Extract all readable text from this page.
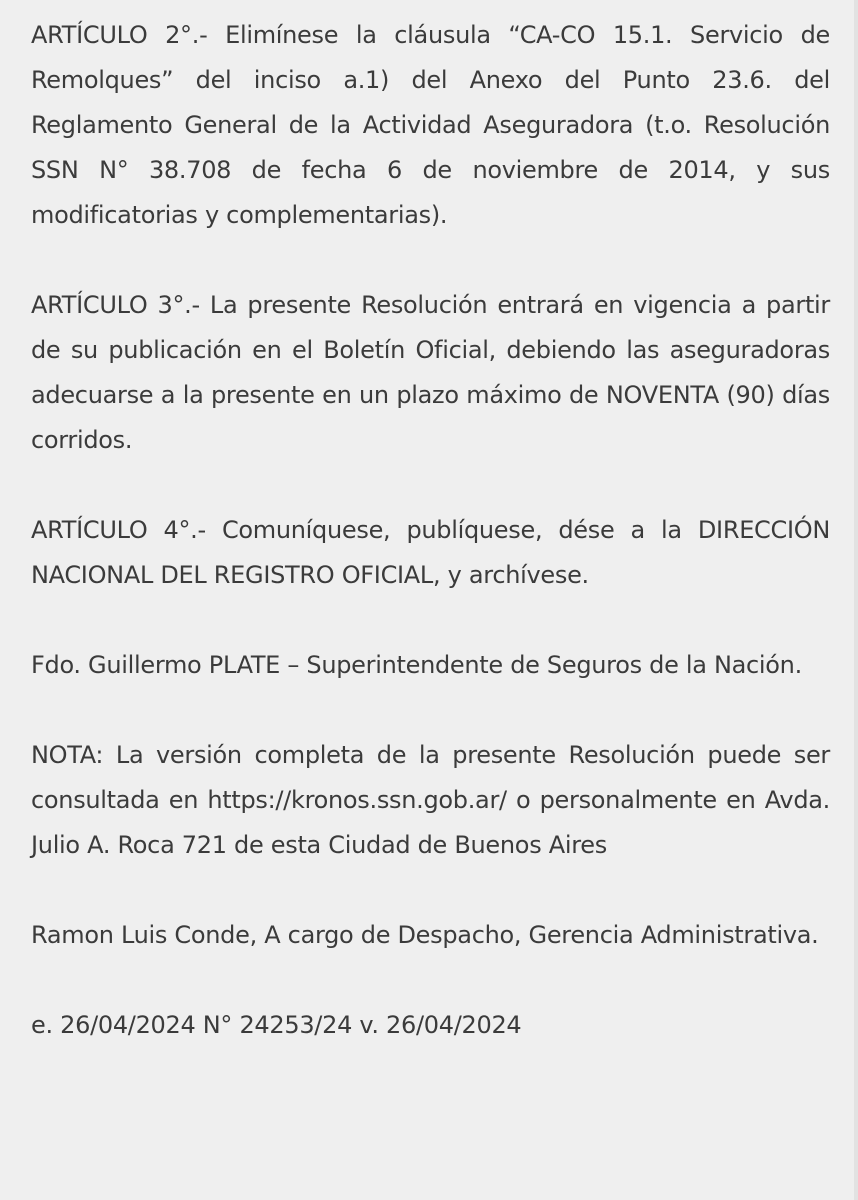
ARTÍCULO 2°.- Elimínese la cláusula “CA-CO 15.1. Servicio de Remolques” del inciso a.1) del Anexo del Punto 23.6. del Reglamento General de la Actividad Aseguradora (t.o. Resolución SSN N° 38.708 de fecha 6 de noviembre de 2014, y sus modificatorias y complementarias).

ARTÍCULO 3°.- La presente Resolución entrará en vigencia a partir de su publicación en el Boletín Oficial, debiendo las aseguradoras adecuarse a la presente en un plazo máximo de NOVENTA (90) días corridos.

ARTÍCULO 4°.- Comuníquese, publíquese, dése a la DIRECCIÓN NACIONAL DEL REGISTRO OFICIAL, y archívese.

Fdo. Guillermo PLATE – Superintendente de Seguros de la Nación.

NOTA: La versión completa de la presente Resolución puede ser consultada en https://kronos.ssn.gob.ar/ o personalmente en Avda. Julio A. Roca 721 de esta Ciudad de Buenos Aires

Ramon Luis Conde, A cargo de Despacho, Gerencia Administrativa.

e. 26/04/2024 N° 24253/24 v. 26/04/2024
